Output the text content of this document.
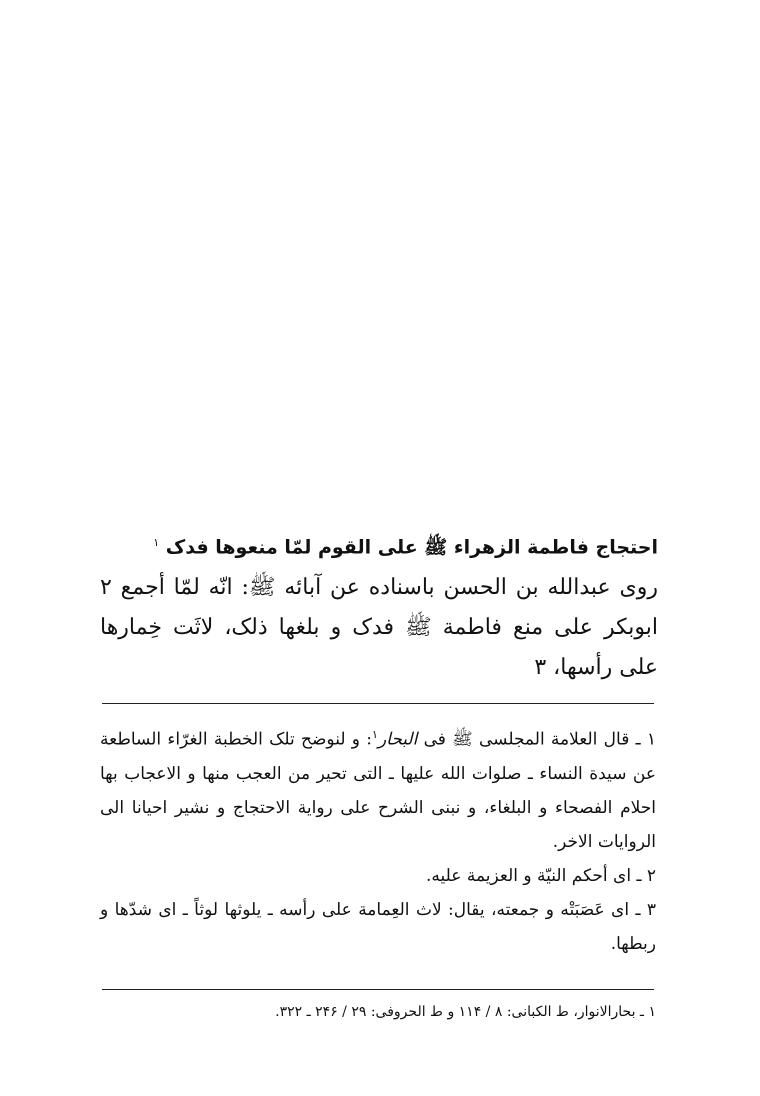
احتجاج فاطمة الزهراء ﷺ على القوم لمّا منعوها فدک $^١$
روى عبدالله بن الحسن باسناده عن آبائه ﷺ: انّه لمّا أجمع ٢ ابوبكر على منع فاطمة ﷺ فدک و بلغها ذلک، لاثَت خِمارها على رأسها، ٣

١ ـ قال العلامة المجلسى ﷺ فى البحار$^١$: و لنوضح تلک الخطبة الغرّاء الساطعة عن سيدة النساء ـ صلوات الله عليها ـ التى تحير من العجب منها و الاعجاب بها احلام الفصحاء و البلغاء، و نبنى الشرح على رواية الاحتجاج و نشير احيانا الى الروايات الاخر.

٢ ـ اى أحكم النيّة و العزيمة عليه.

٣ ـ اى عَصَبَتْه و جمعته، يقال: لاث العِمامة على رأسه ـ يلوثها لوثاً ـ اى شدّها و ربطها.

١ ـ بحارالانوار، ط الكبانى: ٨ / ١١۴ و ط الحروفى: ٢٩ / ٢۴۶ ـ ٣٢٢.
